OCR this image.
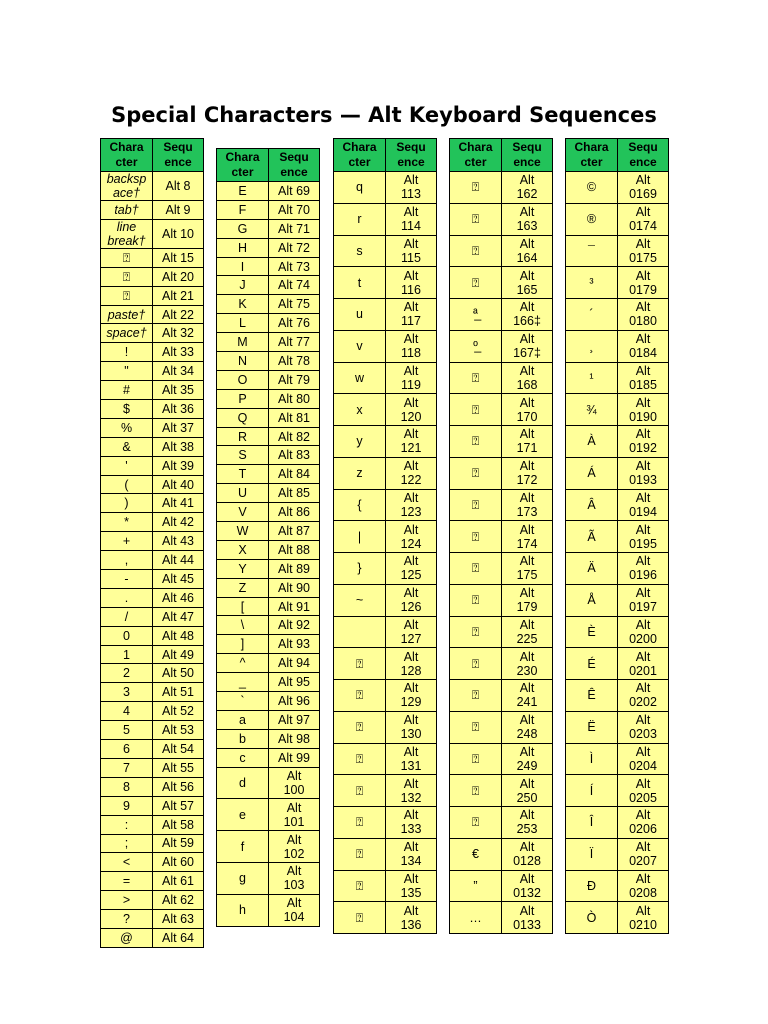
Special Characters — Alt Keyboard Sequences
Chara
cter	Sequ
ence
backsp
ace†	Alt 8
tab†	Alt 9
line
break†	Alt 10
⍰	Alt 15
⍰	Alt 20
⍰	Alt 21
paste†	Alt 22
space†	Alt 32
!	Alt 33
"	Alt 34
#	Alt 35
$	Alt 36
%	Alt 37
&	Alt 38
'	Alt 39
(	Alt 40
)	Alt 41
*	Alt 42
+	Alt 43
,	Alt 44
-	Alt 45
.	Alt 46
/	Alt 47
0	Alt 48
1	Alt 49
2	Alt 50
3	Alt 51
4	Alt 52
5	Alt 53
6	Alt 54
7	Alt 55
8	Alt 56
9	Alt 57
:	Alt 58
;	Alt 59
<	Alt 60
=	Alt 61
>	Alt 62
?	Alt 63
@	Alt 64
Chara
cter	Sequ
ence
E	Alt 69
F	Alt 70
G	Alt 71
H	Alt 72
I	Alt 73
J	Alt 74
K	Alt 75
L	Alt 76
M	Alt 77
N	Alt 78
O	Alt 79
P	Alt 80
Q	Alt 81
R	Alt 82
S	Alt 83
T	Alt 84
U	Alt 85
V	Alt 86
W	Alt 87
X	Alt 88
Y	Alt 89
Z	Alt 90
[	Alt 91
\	Alt 92
]	Alt 93
^	Alt 94
_	Alt 95
`	Alt 96
a	Alt 97
b	Alt 98
c	Alt 99
d	Alt
100
e	Alt
101
f	Alt
102
g	Alt
103
h	Alt
104
Chara
cter	Sequ
ence
q	Alt
113
r	Alt
114
s	Alt
115
t	Alt
116
u	Alt
117
v	Alt
118
w	Alt
119
x	Alt
120
y	Alt
121
z	Alt
122
{	Alt
123
|	Alt
124
}	Alt
125
~	Alt
126
	Alt
127
⍰	Alt
128
⍰	Alt
129
⍰	Alt
130
⍰	Alt
131
⍰	Alt
132
⍰	Alt
133
⍰	Alt
134
⍰	Alt
135
⍰	Alt
136
Chara
cter	Sequ
ence
⍰	Alt
162
⍰	Alt
163
⍰	Alt
164
⍰	Alt
165
ª̲	Alt
166‡
º̲	Alt
167‡
⍰	Alt
168
⍰	Alt
170
⍰	Alt
171
⍰	Alt
172
⍰	Alt
173
⍰	Alt
174
⍰	Alt
175
⍰	Alt
179
⍰	Alt
225
⍰	Alt
230
⍰	Alt
241
⍰	Alt
248
⍰	Alt
249
⍰	Alt
250
⍰	Alt
253
€	Alt
0128
”	Alt
0132
…	Alt
0133
Chara
cter	Sequ
ence
©	Alt
0169
®	Alt
0174
¯	Alt
0175
³	Alt
0179
´	Alt
0180
¸	Alt
0184
¹	Alt
0185
¾	Alt
0190
À	Alt
0192
Á	Alt
0193
Â	Alt
0194
Ã	Alt
0195
Ä	Alt
0196
Å	Alt
0197
È	Alt
0200
É	Alt
0201
Ê	Alt
0202
Ë	Alt
0203
Ì	Alt
0204
Í	Alt
0205
Î	Alt
0206
Ï	Alt
0207
Ð	Alt
0208
Ò	Alt
0210
